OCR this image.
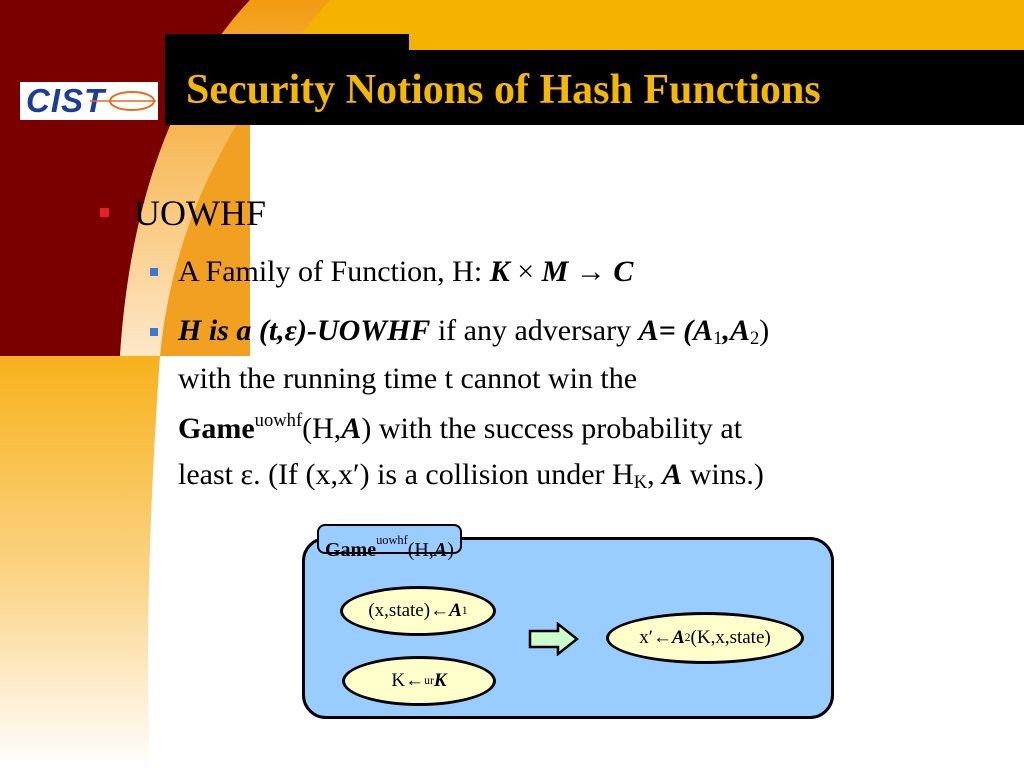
CIST Security Notions of Hash Functions
UOWHF
A Family of Function, H: K × M → C
H is a (t,ε)-UOWHF if any adversary $A= (A_1,A_2)$
with the running time t cannot win the
Game$^{uowhf}$(H,A) with the success probability at
least ε. (If (x,x′) is a collision under $H_K$, A wins.)
Game$^{uowhf}$(H,A)
(x,state)← A 1
K← ur K
x′← A 2 (K,x,state)
